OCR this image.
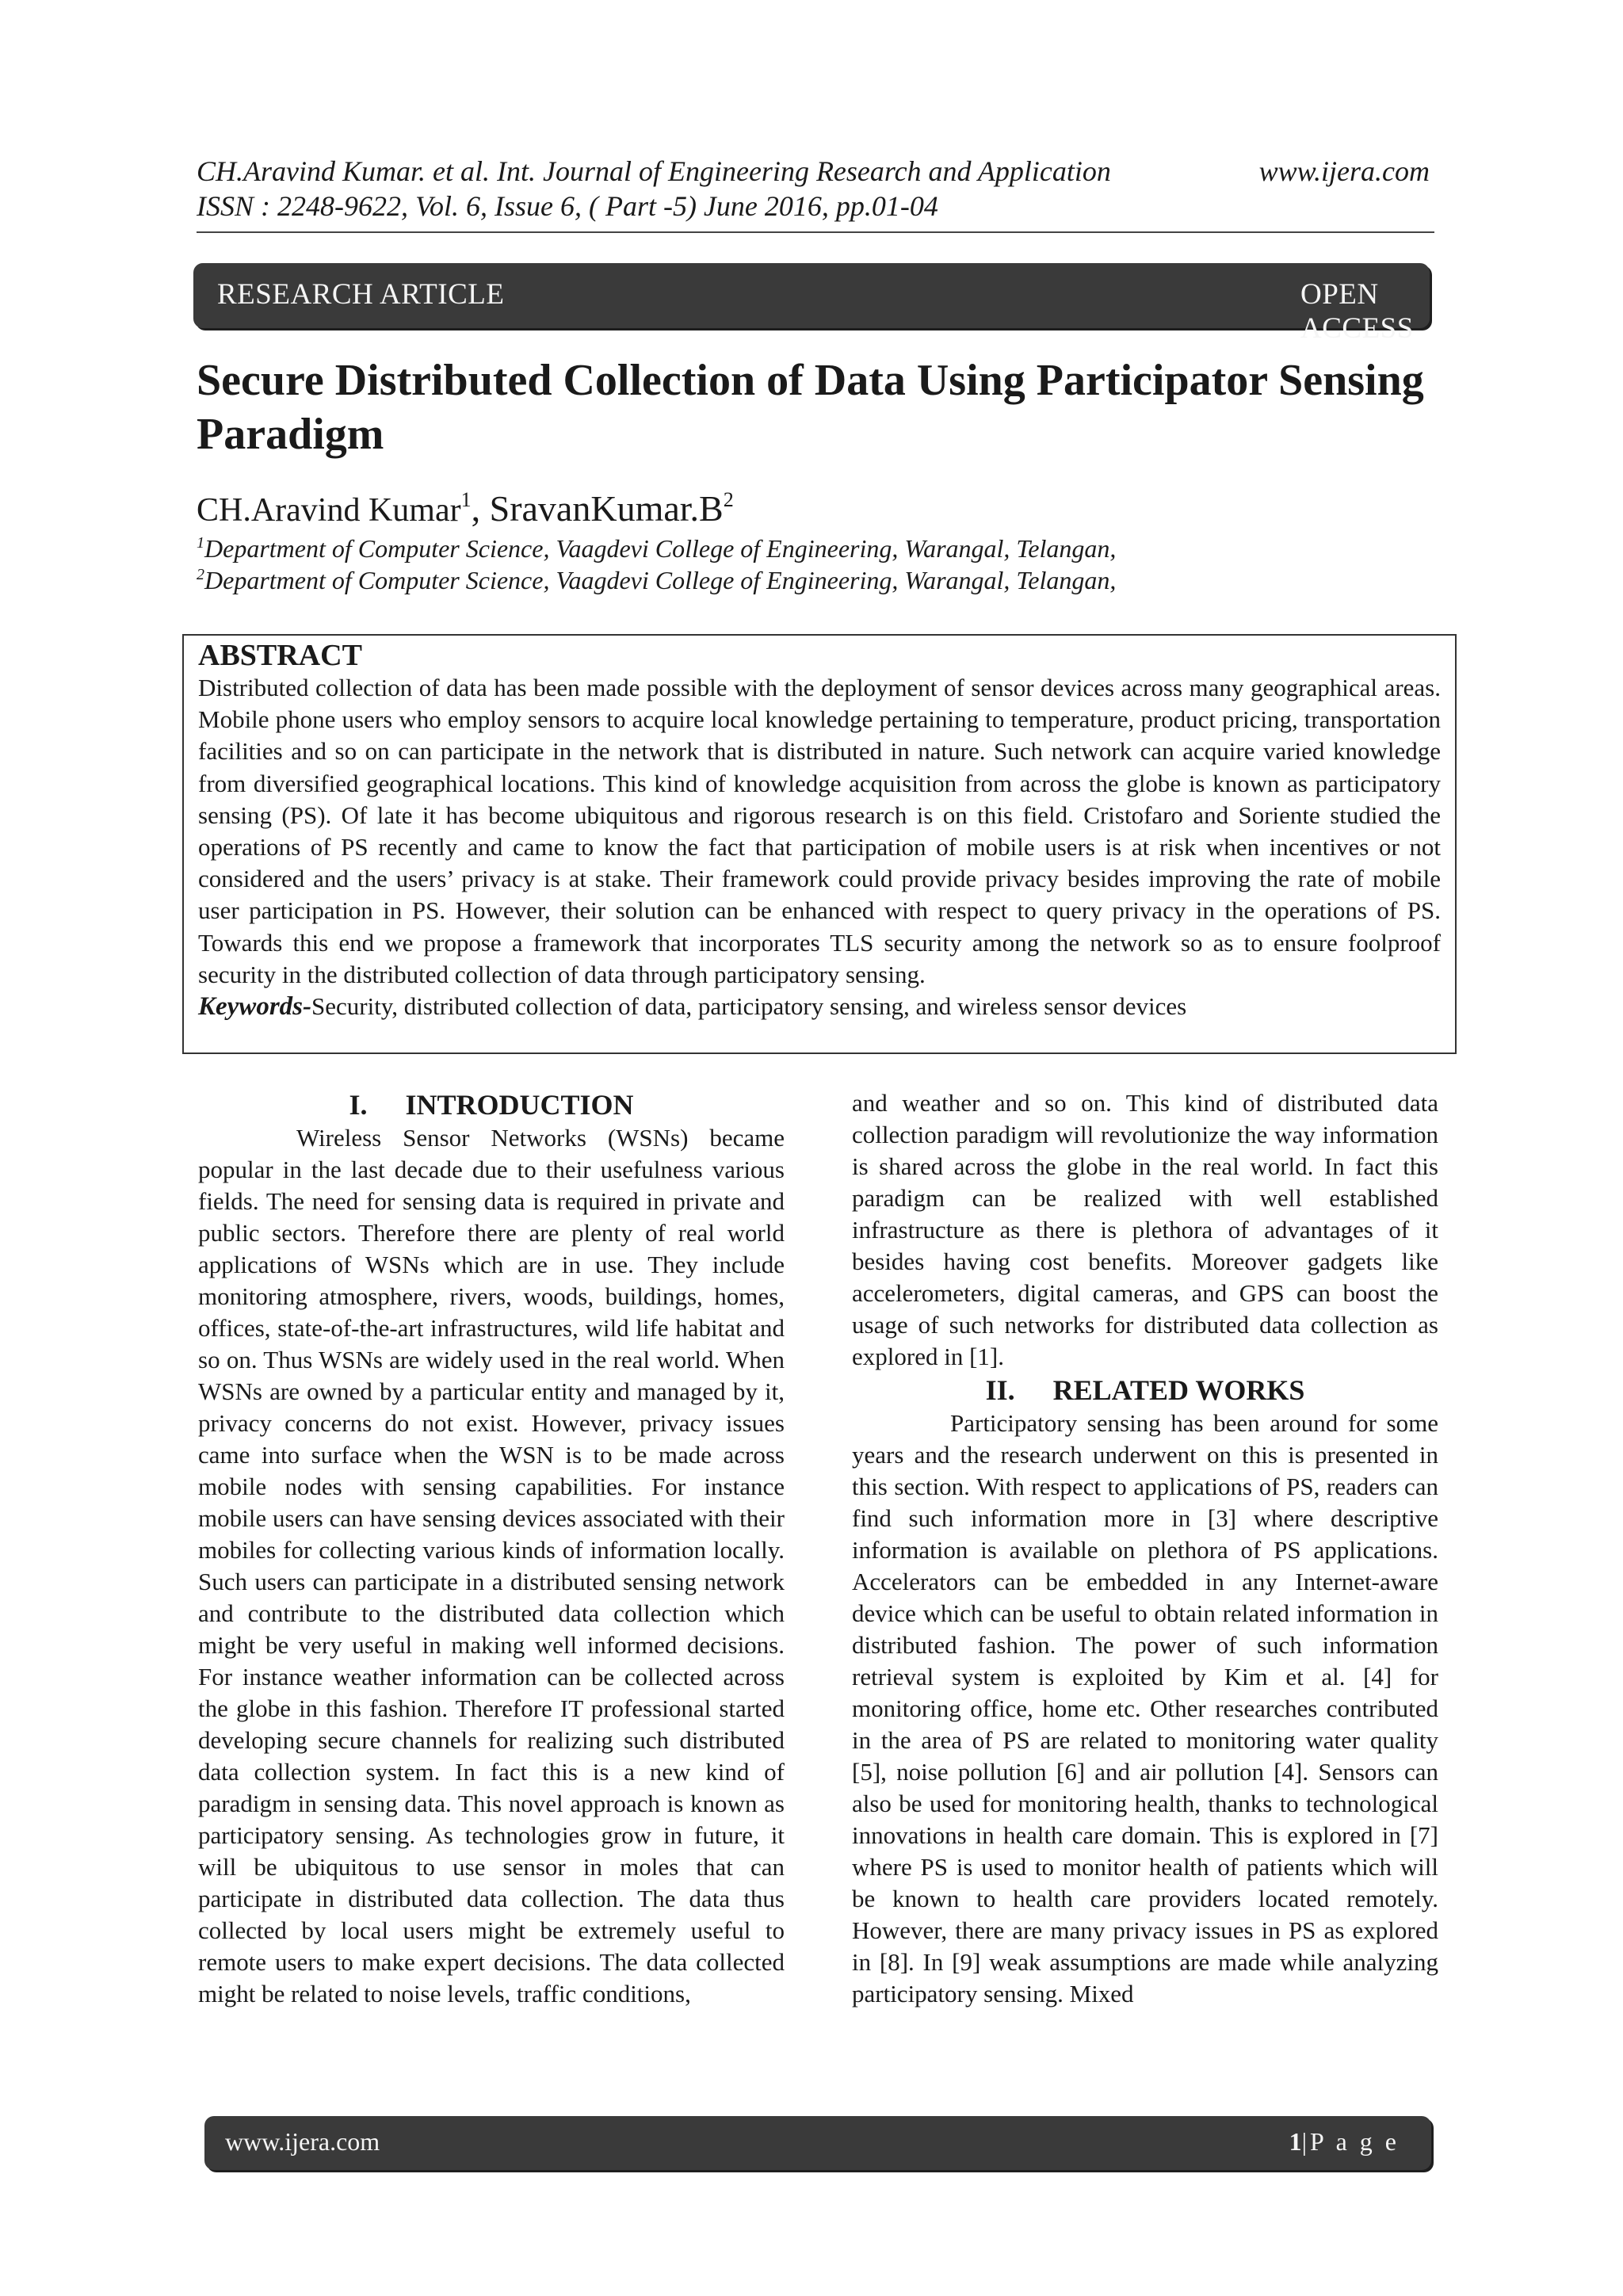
CH.Aravind Kumar. et al. Int. Journal of Engineering Research and Application	www.ijera.com
ISSN : 2248-9622, Vol. 6, Issue 6, ( Part -5) June 2016, pp.01-04
RESEARCH ARTICLE	OPEN ACCESS
Secure Distributed Collection of Data Using Participator Sensing Paradigm
CH.Aravind Kumar$^1$, $SravanKumar.B^2$
$^1$Department of Computer Science, Vaagdevi College of Engineering, Warangal, Telangan,
$^2$Department of Computer Science, Vaagdevi College of Engineering, Warangal, Telangan,

ABSTRACT

Distributed collection of data has been made possible with the deployment of sensor devices across many geographical areas. Mobile phone users who employ sensors to acquire local knowledge pertaining to temperature, product pricing, transportation facilities and so on can participate in the network that is distributed in nature. Such network can acquire varied knowledge from diversified geographical locations. This kind of knowledge acquisition from across the globe is known as participatory sensing (PS). Of late it has become ubiquitous and rigorous research is on this field. Cristofaro and Soriente studied the operations of PS recently and came to know the fact that participation of mobile users is at risk when incentives or not considered and the users’ privacy is at stake. Their framework could provide privacy besides improving the rate of mobile user participation in PS. However, their solution can be enhanced with respect to query privacy in the operations of PS. Towards this end we propose a framework that incorporates TLS security among the network so as to ensure foolproof security in the distributed collection of data through participatory sensing.

Keywords-Security, distributed collection of data, participatory sensing, and wireless sensor devices

I. INTRODUCTION

Wireless Sensor Networks (WSNs) became popular in the last decade due to their usefulness various fields. The need for sensing data is required in private and public sectors. Therefore there are plenty of real world applications of WSNs which are in use. They include monitoring atmosphere, rivers, woods, buildings, homes, offices, state-of-the-art infrastructures, wild life habitat and so on. Thus WSNs are widely used in the real world. When WSNs are owned by a particular entity and managed by it, privacy concerns do not exist. However, privacy issues came into surface when the WSN is to be made across mobile nodes with sensing capabilities. For instance mobile users can have sensing devices associated with their mobiles for collecting various kinds of information locally. Such users can participate in a distributed sensing network and contribute to the distributed data collection which might be very useful in making well informed decisions. For instance weather information can be collected across the globe in this fashion. Therefore IT professional started developing secure channels for realizing such distributed data collection system. In fact this is a new kind of paradigm in sensing data. This novel approach is known as participatory sensing. As technologies grow in future, it will be ubiquitous to use sensor in moles that can participate in distributed data collection. The data thus collected by local users might be extremely useful to remote users to make expert decisions. The data collected might be related to noise levels, traffic conditions,

and weather and so on. This kind of distributed data collection paradigm will revolutionize the way information is shared across the globe in the real world. In fact this paradigm can be realized with well established infrastructure as there is plethora of advantages of it besides having cost benefits. Moreover gadgets like accelerometers, digital cameras, and GPS can boost the usage of such networks for distributed data collection as explored in [1].

II. RELATED WORKS

Participatory sensing has been around for some years and the research underwent on this is presented in this section. With respect to applications of PS, readers can find such information more in [3] where descriptive information is available on plethora of PS applications. Accelerators can be embedded in any Internet-aware device which can be useful to obtain related information in distributed fashion. The power of such information retrieval system is exploited by Kim et al. [4] for monitoring office, home etc. Other researches contributed in the area of PS are related to monitoring water quality [5], noise pollution [6] and air pollution [4]. Sensors can also be used for monitoring health, thanks to technological innovations in health care domain. This is explored in [7] where PS is used to monitor health of patients which will be known to health care providers located remotely. However, there are many privacy issues in PS as explored in [8]. In [9] weak assumptions are made while analyzing participatory sensing. Mixed

www.ijera.com	1|P a g e
